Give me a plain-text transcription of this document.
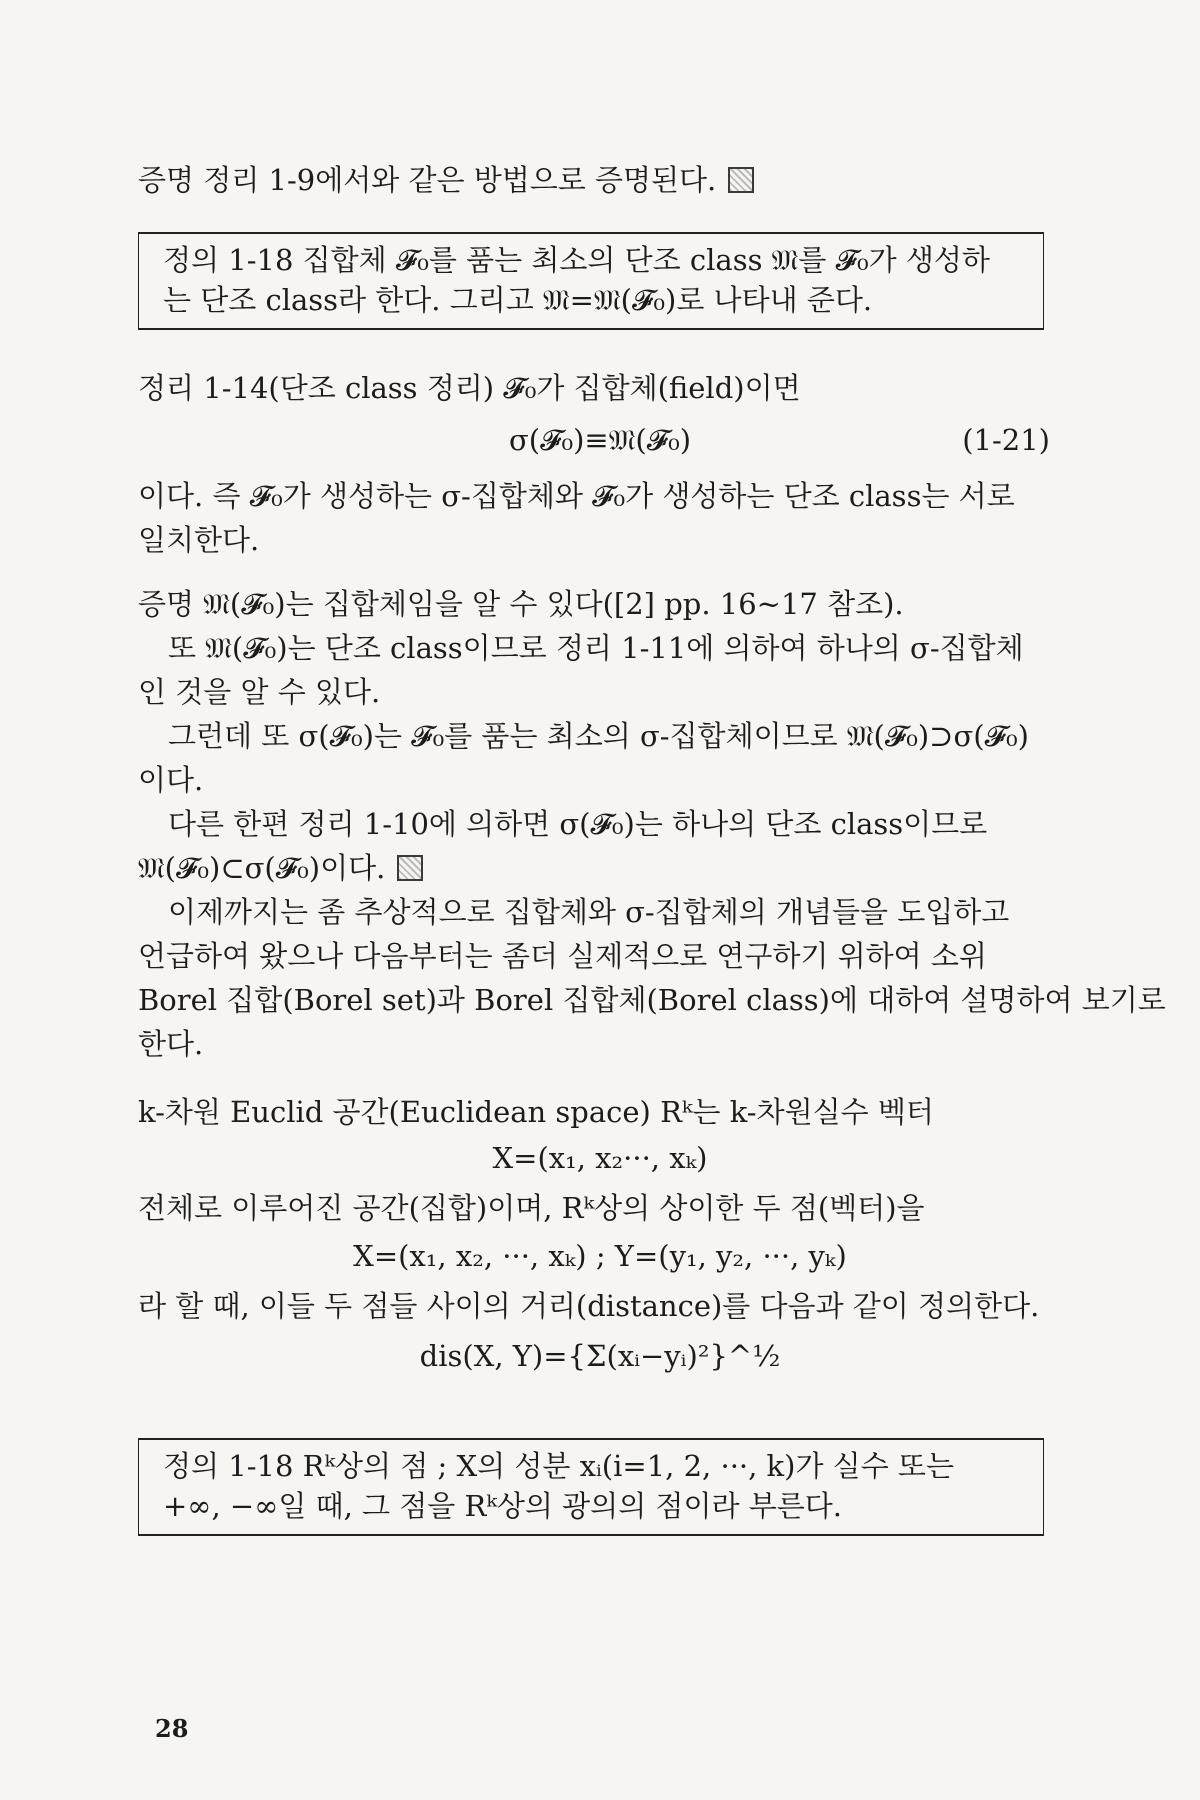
증명 정리 1-9에서와 같은 방법으로 증명된다.
정의 1-18 집합체 𝓕₀를 품는 최소의 단조 class 𝔐를 𝓕₀가 생성하
는 단조 class라 한다. 그리고 𝔐=𝔐(𝓕₀)로 나타내 준다.
정리 1-14(단조 class 정리) 𝓕₀가 집합체(field)이면
σ(𝓕₀)≡𝔐(𝓕₀)	(1-21)
이다. 즉 𝓕₀가 생성하는 σ-집합체와 𝓕₀가 생성하는 단조 class는 서로
일치한다.
증명 𝔐(𝓕₀)는 집합체임을 알 수 있다([2] pp. 16~17 참조).
또 𝔐(𝓕₀)는 단조 class이므로 정리 1-11에 의하여 하나의 σ-집합체
인 것을 알 수 있다.
그런데 또 σ(𝓕₀)는 𝓕₀를 품는 최소의 σ-집합체이므로 𝔐(𝓕₀)⊃σ(𝓕₀)
이다.
다른 한편 정리 1-10에 의하면 σ(𝓕₀)는 하나의 단조 class이므로
𝔐(𝓕₀)⊂σ(𝓕₀)이다.
이제까지는 좀 추상적으로 집합체와 σ-집합체의 개념들을 도입하고
언급하여 왔으나 다음부터는 좀더 실제적으로 연구하기 위하여 소위
Borel 집합(Borel set)과 Borel 집합체(Borel class)에 대하여 설명하여 보기로
한다.
k-차원 Euclid 공간(Euclidean space) Rᵏ는 k-차원실수 벡터
X=(x₁, x₂···, xₖ)
전체로 이루어진 공간(집합)이며, Rᵏ상의 상이한 두 점(벡터)을
X=(x₁, x₂, ···, xₖ) ; Y=(y₁, y₂, ···, yₖ)
라 할 때, 이들 두 점들 사이의 거리(distance)를 다음과 같이 정의한다.
dis(X, Y)={Σ(xᵢ−yᵢ)²}^½
정의 1-18 Rᵏ상의 점 ; X의 성분 xᵢ(i=1, 2, ···, k)가 실수 또는
+∞, −∞일 때, 그 점을 Rᵏ상의 광의의 점이라 부른다.
28
